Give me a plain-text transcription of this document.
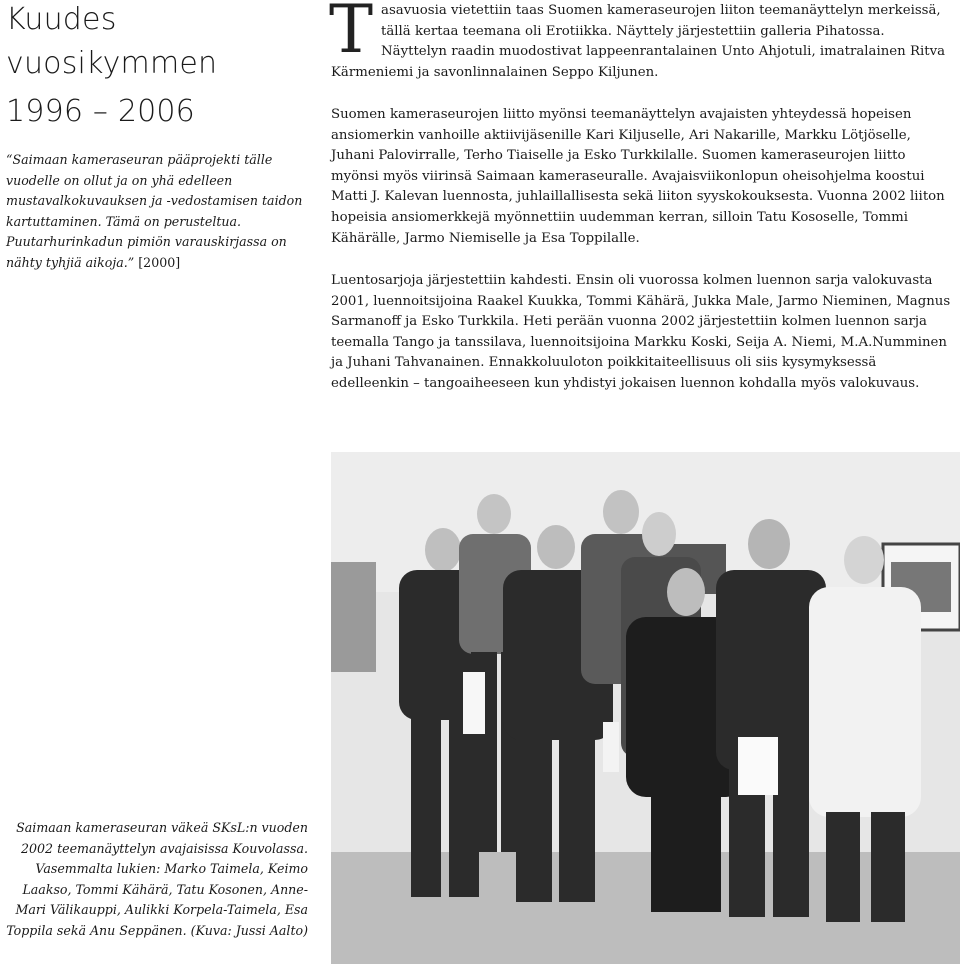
Kuudes
vuosikymmen
1996 – 2006
“Saimaan kameraseuran pääprojekti tälle vuodelle on ollut ja on yhä edelleen mustavalkokuvauksen ja -vedostamisen taidon kartuttaminen. Tämä on perusteltua. Puutarhurinkadun pimiön varauskirjassa on nähty tyhjiä aikoja.” [2000]

Tasavuosia vietettiin taas Suomen kameraseurojen liiton teemanäyttelyn merkeissä, tällä kertaa teemana oli Erotiikka. Näyttely järjestettiin galleria Pihatossa. Näyttelyn raadin muodostivat lappeenrantalainen Unto Ahjotuli, imatralainen Ritva Kärmeniemi ja savonlinnalainen Seppo Kiljunen.

Suomen kameraseurojen liitto myönsi teemanäyttelyn avajaisten yhteydessä hopeisen ansiomerkin vanhoille aktiivijäsenille Kari Kiljuselle, Ari Nakarille, Markku Lötjöselle, Juhani Palovirralle, Terho Tiaiselle ja Esko Turkkilalle. Suomen kameraseurojen liitto myönsi myös viirinsä Saimaan kameraseuralle. Avajaisviikonlopun oheisohjelma koostui Matti J. Kalevan luennosta, juhlaillallisesta sekä liiton syyskokouksesta. Vuonna 2002 liiton hopeisia ansiomerkkejä myönnettiin uudemman kerran, silloin Tatu Kososelle, Tommi Kähärälle, Jarmo Niemiselle ja Esa Toppilalle.

Luentosarjoja järjestettiin kahdesti. Ensin oli vuorossa kolmen luennon sarja valokuvasta 2001, luennoitsijoina Raakel Kuukka, Tommi Kähärä, Jukka Male, Jarmo Nieminen, Magnus Sarmanoff ja Esko Turkkila. Heti perään vuonna 2002 järjestettiin kolmen luennon sarja teemalla Tango ja tanssilava, luennoitsijoina Markku Koski, Seija A. Niemi, M.A.Numminen ja Juhani Tahvanainen. Ennakkoluuloton poikkitaiteellisuus oli siis kysymyksessä edelleenkin – tangoaiheeseen kun yhdistyi jokaisen luennon kohdalla myös valokuvaus.

Saimaan kameraseuran väkeä SKsL:n vuoden 2002 teemanäyttelyn avajaisissa Kouvolassa. Vasemmalta lukien: Marko Taimela, Keimo Laakso, Tommi Kähärä, Tatu Kosonen, Anne-Mari Välikauppi, Aulikki Korpela-Taimela, Esa Toppila sekä Anu Seppänen. (Kuva: Jussi Aalto)
